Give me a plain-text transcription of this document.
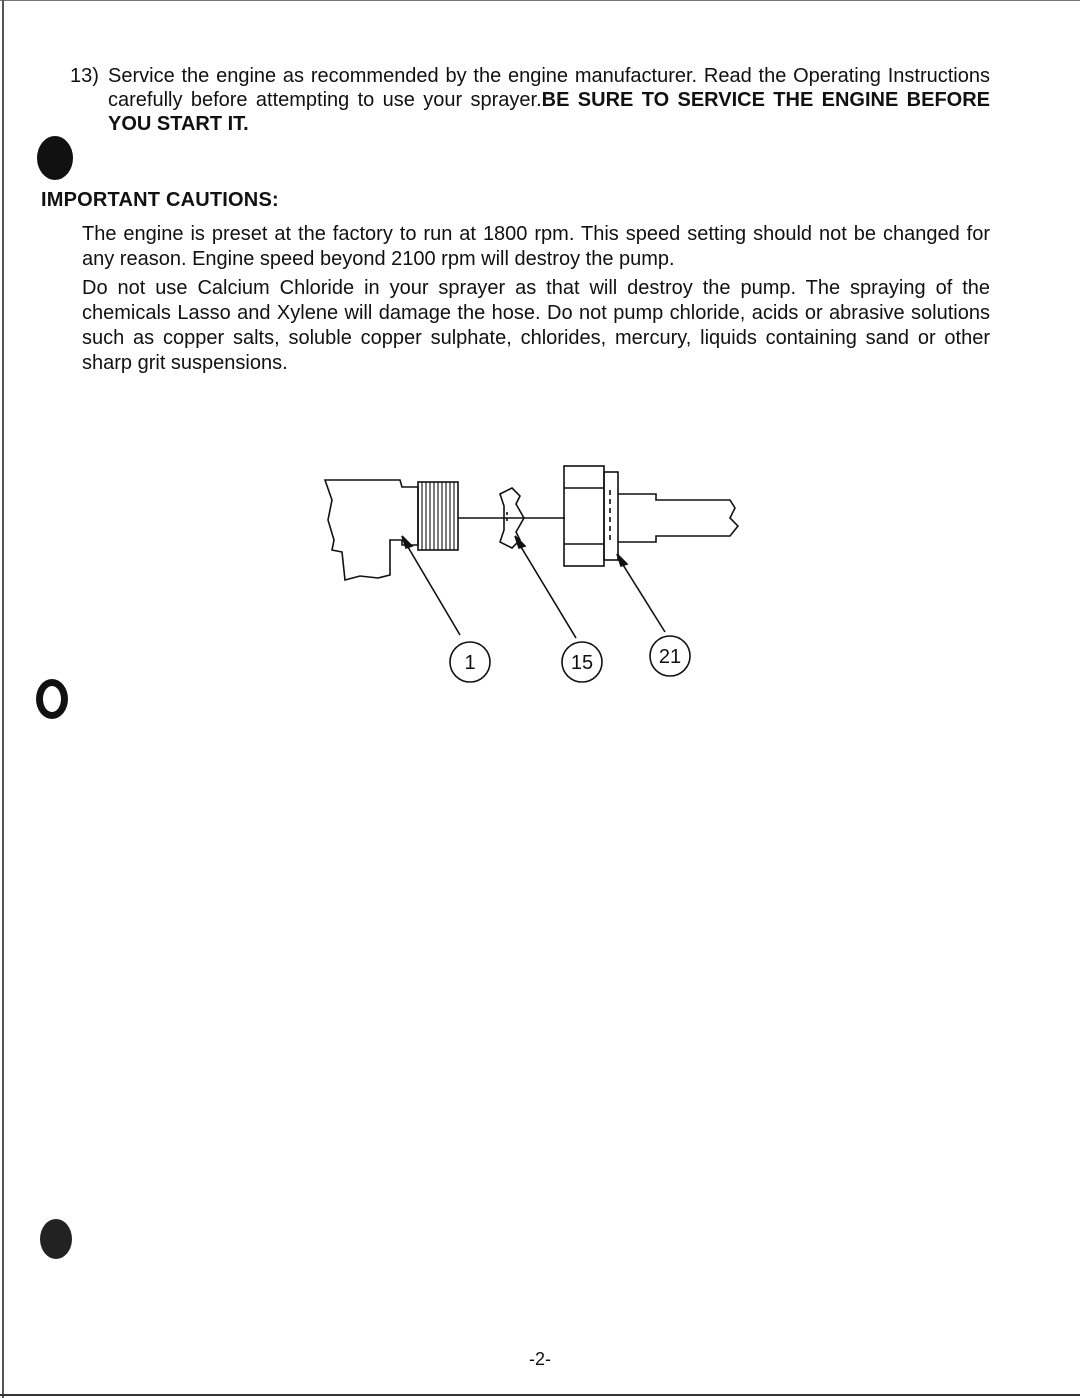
13) Service the engine as recommended by the engine manufacturer. Read the Operating Instructions carefully before attempting to use your sprayer.BE SURE TO SERVICE THE ENGINE BEFORE YOU START IT.
IMPORTANT CAUTIONS:

The engine is preset at the factory to run at 1800 rpm. This speed setting should not be changed for any reason. Engine speed beyond 2100 rpm will destroy the pump.

Do not use Calcium Chloride in your sprayer as that will destroy the pump. The spraying of the chemicals Lasso and Xylene will damage the hose. Do not pump chloride, acids or abrasive solutions such as copper salts, soluble copper sulphate, chlorides, mercury, liquids containing sand or other sharp grit suspensions.

1	15	21
-2-
